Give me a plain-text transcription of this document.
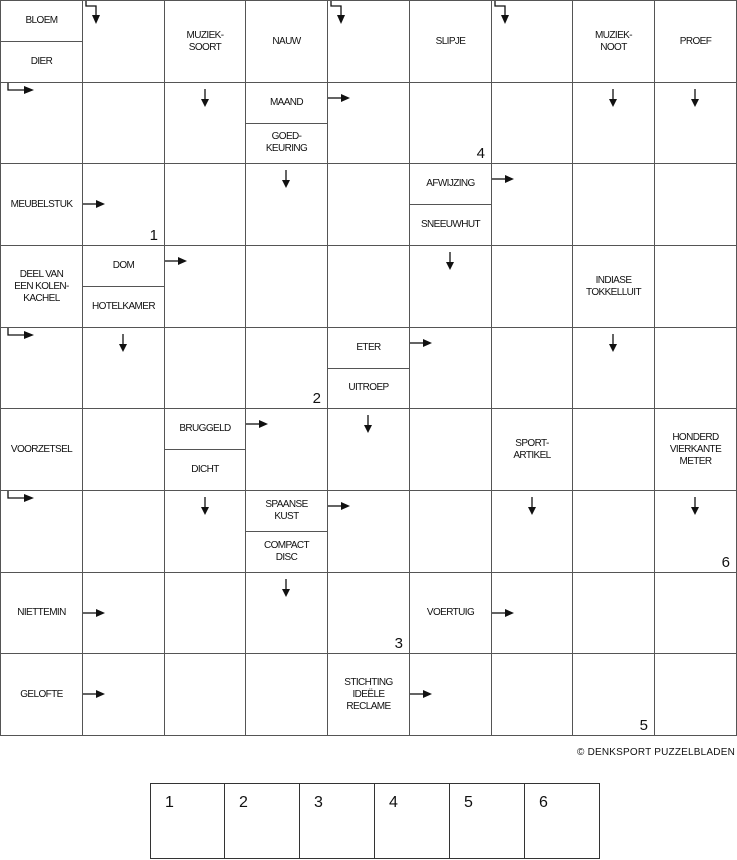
BLOEM
DIER
MUZIEK-
SOORT
NAUW	SLIPJE
MUZIEK-
NOOT
PROEF
MAAND
GOED-
KEURING	4
MEUBELSTUK
1
AFWIJZING
SNEEUWHUT
DEEL VAN
EEN KOLEN-
KACHEL
DOM
HOTELKAMER
INDIASE
TOKKELLUIT
2
ETER
UITROEP
VOORZETSEL
BRUGGELD
DICHT
SPORT-
ARTIKEL
HONDERD
VIERKANTE
METER
SPAANSE
KUST
COMPACT
DISC	6
NIETTEMIN
3
VOERTUIG
GELOFTE
STICHTING
IDEËLE
RECLAME
5
© DENKSPORT PUZZELBLADEN
1	2	3	4	5	6
